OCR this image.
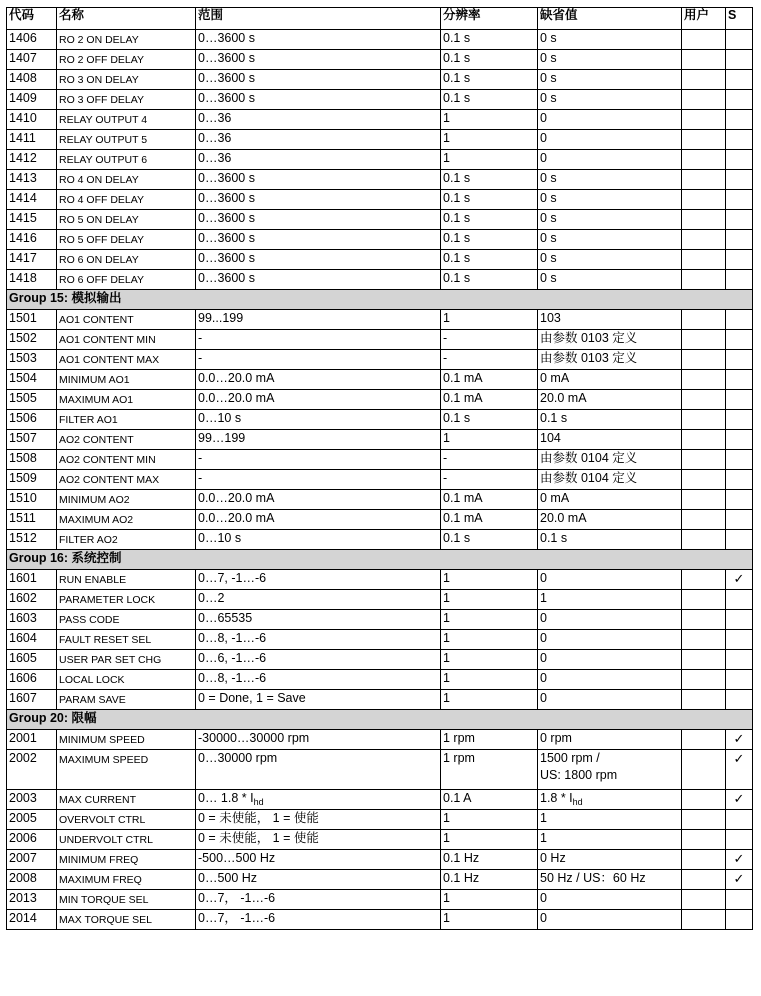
代码	名称	范围	分辨率	缺省值	用户	S
1406	RO 2 ON DELAY	0…3600 s	0.1 s	0 s		
1407	RO 2 OFF DELAY	0…3600 s	0.1 s	0 s		
1408	RO 3 ON DELAY	0…3600 s	0.1 s	0 s		
1409	RO 3 OFF DELAY	0…3600 s	0.1 s	0 s		
1410	RELAY OUTPUT 4	0…36	1	0		
1411	RELAY OUTPUT 5	0…36	1	0		
1412	RELAY OUTPUT 6	0…36	1	0		
1413	RO 4 ON DELAY	0…3600 s	0.1 s	0 s		
1414	RO 4 OFF DELAY	0…3600 s	0.1 s	0 s		
1415	RO 5 ON DELAY	0…3600 s	0.1 s	0 s		
1416	RO 5 OFF DELAY	0…3600 s	0.1 s	0 s		
1417	RO 6 ON DELAY	0…3600 s	0.1 s	0 s		
1418	RO 6 OFF DELAY	0…3600 s	0.1 s	0 s		
Group 15: 模拟输出						
1501	AO1 CONTENT	99...199	1	103		
1502	AO1 CONTENT MIN	-	-	由参数 0103 定义		
1503	AO1 CONTENT MAX	-	-	由参数 0103 定义		
1504	MINIMUM AO1	0.0…20.0 mA	0.1 mA	0 mA		
1505	MAXIMUM AO1	0.0…20.0 mA	0.1 mA	20.0 mA		
1506	FILTER AO1	0…10 s	0.1 s	0.1 s		
1507	AO2 CONTENT	99…199	1	104		
1508	AO2 CONTENT MIN	-	-	由参数 0104 定义		
1509	AO2 CONTENT MAX	-	-	由参数 0104 定义		
1510	MINIMUM AO2	0.0…20.0 mA	0.1 mA	0 mA		
1511	MAXIMUM AO2	0.0…20.0 mA	0.1 mA	20.0 mA		
1512	FILTER AO2	0…10 s	0.1 s	0.1 s		
Group 16: 系统控制						
1601	RUN ENABLE	0…7, -1…-6	1	0		✓
1602	PARAMETER LOCK	0…2	1	1		
1603	PASS CODE	0…65535	1	0		
1604	FAULT RESET SEL	0…8, -1…-6	1	0		
1605	USER PAR SET CHG	0…6, -1…-6	1	0		
1606	LOCAL LOCK	0…8, -1…-6	1	0		
1607	PARAM SAVE	0 = Done, 1 = Save	1	0		
Group 20: 限幅						
2001	MINIMUM SPEED	-30000…30000 rpm	1 rpm	0 rpm		✓
2002	MAXIMUM SPEED	0…30000 rpm	1 rpm	1500 rpm /
US: 1800 rpm		✓
2003	MAX CURRENT	0… $1.8 * I_{hd}$	0.1 A	$1.8 * I_{hd}$		✓
2005	OVERVOLT CTRL	0 = 未使能， 1 = 使能	1	1		
2006	UNDERVOLT CTRL	0 = 未使能， 1 = 使能	1	1		
2007	MINIMUM FREQ	-500…500 Hz	0.1 Hz	0 Hz		✓
2008	MAXIMUM FREQ	0…500 Hz	0.1 Hz	50 Hz / US：60 Hz		✓
2013	MIN TORQUE SEL	0…7， -1…-6	1	0		
2014	MAX TORQUE SEL	0…7， -1…-6	1	0		
